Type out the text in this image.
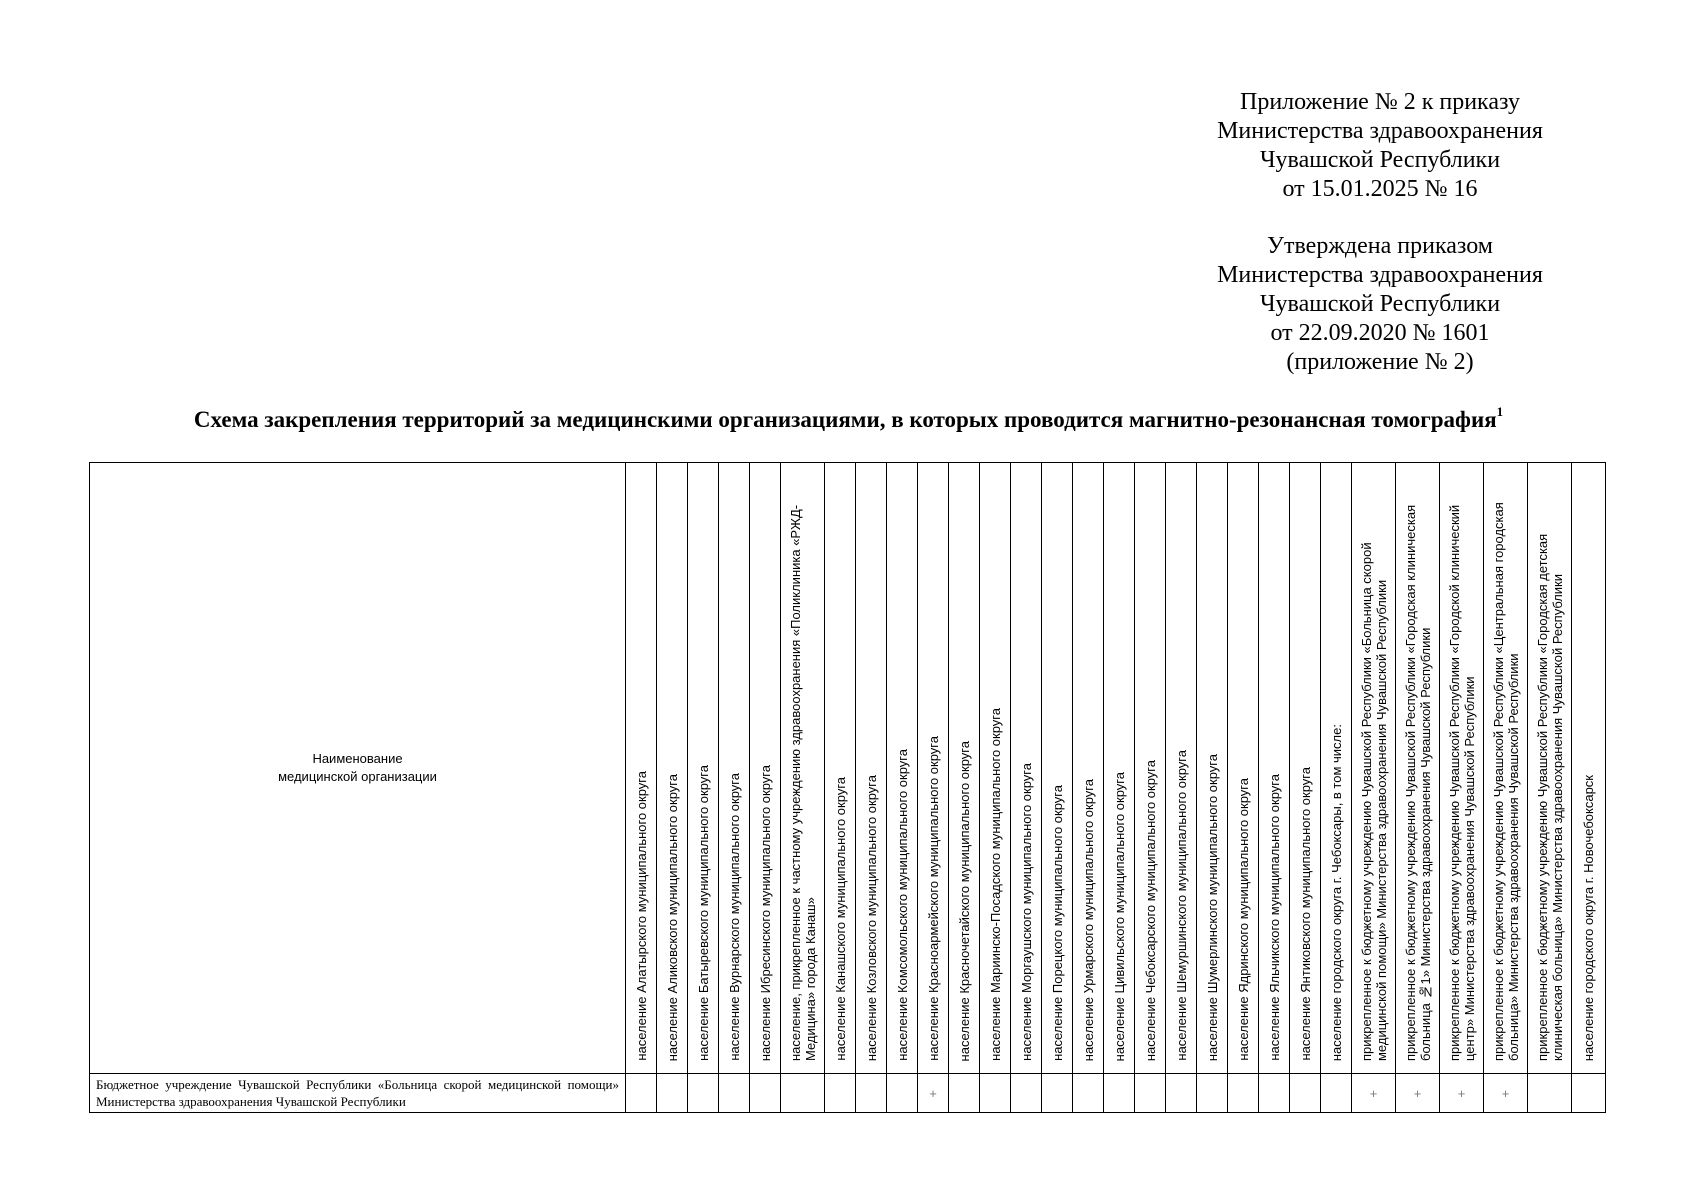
Приложение № 2 к приказу
Министерства здравоохранения
Чувашской Республики
от 15.01.2025 № 16
Утверждена приказом
Министерства здравоохранения
Чувашской Республики
от 22.09.2020 № 1601
(приложение № 2)
Схема закрепления территорий за медицинскими организациями, в которых проводится магнитно-резонансная томография$^1$
Наименование
медицинской организации	население Алатырского муниципального округа	население Аликовского муниципального округа	население Батыревского муниципального округа	население Вурнарского муниципального округа	население Ибресинского муниципального округа	население, прикрепленное к частному учреждению здравоохранения «Поликлиника «РЖД-Медицина» города Канаш»	население Канашского муниципального округа	население Козловского муниципального округа	население Комсомольского муниципального округа	население Красноармейского муниципального округа	население Красночетайского муниципального округа	население Мариинско-Посадского муниципального округа	население Моргаушского муниципального округа	население Порецкого муниципального округа	население Урмарского муниципального округа	население Цивильского муниципального округа	население Чебоксарского муниципального округа	население Шемуршинского муниципального округа	население Шумерлинского муниципального округа	население Ядринского муниципального округа	население Яльчикского муниципального округа	население Янтиковского муниципального округа	население городского округа г. Чебоксары, в том числе:	прикрепленное к бюджетному учреждению Чувашской Республики «Больница скорой медицинской помощи» Министерства здравоохранения Чувашской Республики	прикрепленное к бюджетному учреждению Чувашской Республики «Городская клиническая больница №1» Министерства здравоохранения Чувашской Республики	прикрепленное к бюджетному учреждению Чувашской Республики «Городской клинический центр» Министерства здравоохранения Чувашской Республики	прикрепленное к бюджетному учреждению Чувашской Республики «Центральная городская больница» Министерства здравоохранения Чувашской Республики	прикрепленное к бюджетному учреждению Чувашской Республики «Городская детская клиническая больница» Министерства здравоохранения Чувашской Республики	население городского округа г. Новочебоксарск

Бюджетное учреждение Чувашской Республики «Больница скорой медицинской помощи» Министерства здравоохранения Чувашской Республики										+														+	+	+	+		
